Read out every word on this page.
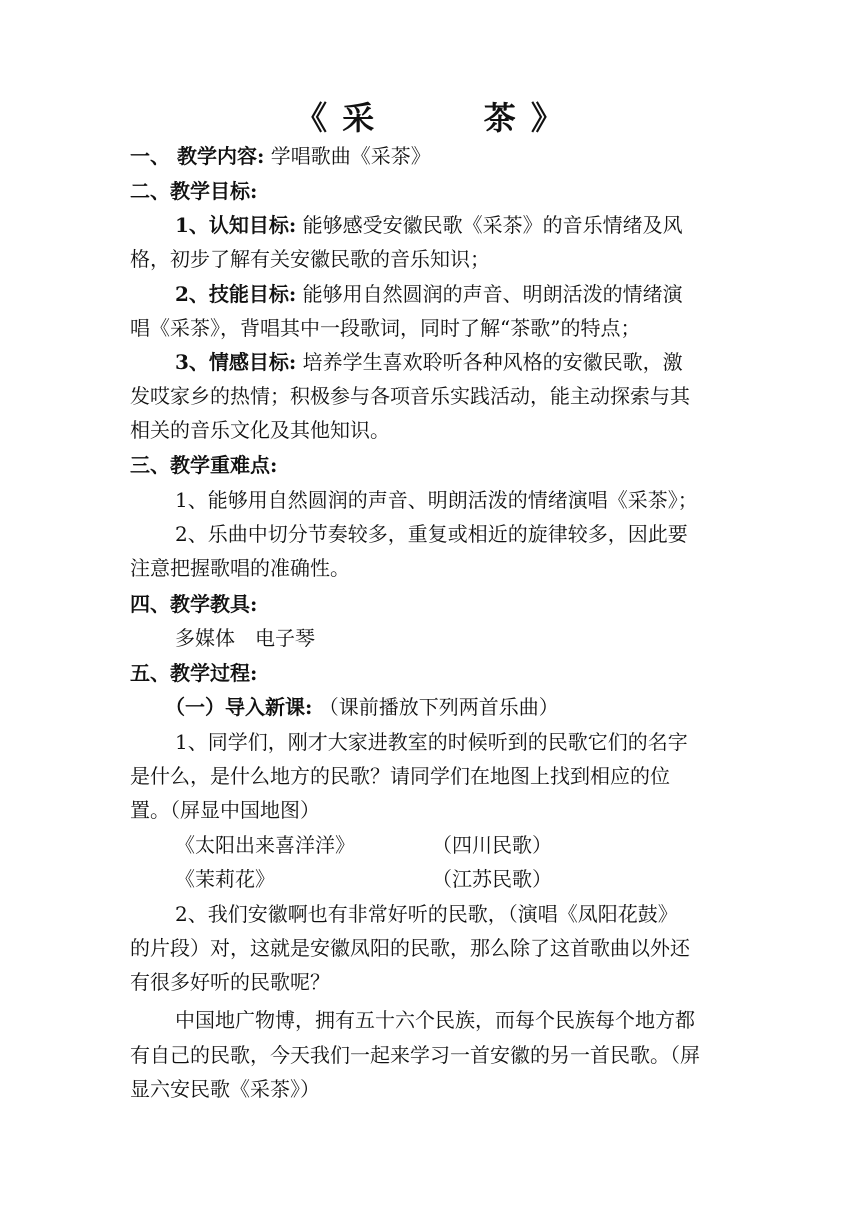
《 采 　 　 茶 》
一、 教学内容: 学唱歌曲《采茶》
二、教学目标:
1、认知目标: 能够感受安徽民歌《采茶》的音乐情绪及风
格，初步了解有关安徽民歌的音乐知识；
2、技能目标: 能够用自然圆润的声音、明朗活泼的情绪演
唱《采茶》，背唱其中一段歌词，同时了解“茶歌”的特点；
3、情感目标: 培养学生喜欢聆听各种风格的安徽民歌，激
发哎家乡的热情；积极参与各项音乐实践活动，能主动探索与其
相关的音乐文化及其他知识。
三、教学重难点:
1、能够用自然圆润的声音、明朗活泼的情绪演唱《采茶》；
2、乐曲中切分节奏较多，重复或相近的旋律较多，因此要
注意把握歌唱的准确性。
四、教学教具:
多媒体　电子琴
五、教学过程:
（一）导入新课: （课前播放下列两首乐曲）
1、同学们，刚才大家进教室的时候听到的民歌它们的名字
是什么，是什么地方的民歌？请同学们在地图上找到相应的位
置。（屏显中国地图）
《太阳出来喜洋洋》	（四川民歌）
《茉莉花》	（江苏民歌）
2、我们安徽啊也有非常好听的民歌，（演唱《凤阳花鼓》
的片段）对，这就是安徽凤阳的民歌，那么除了这首歌曲以外还
有很多好听的民歌呢？
中国地广物博，拥有五十六个民族，而每个民族每个地方都
有自己的民歌，今天我们一起来学习一首安徽的另一首民歌。（屏
显六安民歌《采茶》）
